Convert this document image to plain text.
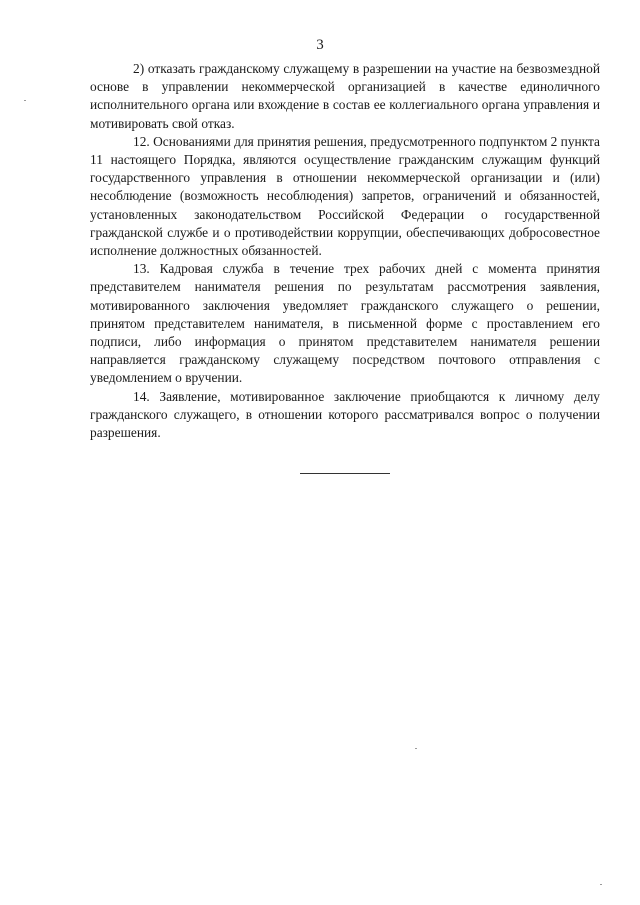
3

2) отказать гражданскому служащему в разрешении на участие на безвозмездной основе в управлении некоммерческой организацией в качестве единоличного исполнительного органа или вхождение в состав ее коллегиального органа управления и мотивировать свой отказ.

12. Основаниями для принятия решения, предусмотренного подпунктом 2 пункта 11 настоящего Порядка, являются осуществление гражданским служащим функций государственного управления в отношении некоммерческой организации и (или) несоблюдение (возможность несоблюдения) запретов, ограничений и обязанностей, установленных законодательством Российской Федерации о государственной гражданской службе и о противодействии коррупции, обеспечивающих добросовестное исполнение должностных обязанностей.

13. Кадровая служба в течение трех рабочих дней с момента принятия представителем нанимателя решения по результатам рассмотрения заявления, мотивированного заключения уведомляет гражданского служащего о решении, принятом представителем нанимателя, в письменной форме с проставлением его подписи, либо информация о принятом представителем нанимателя решении направляется гражданскому служащему посредством почтового отправления с уведомлением о вручении.

14. Заявление, мотивированное заключение приобщаются к личному делу гражданского служащего, в отношении которого рассматривался вопрос о получении разрешения.
